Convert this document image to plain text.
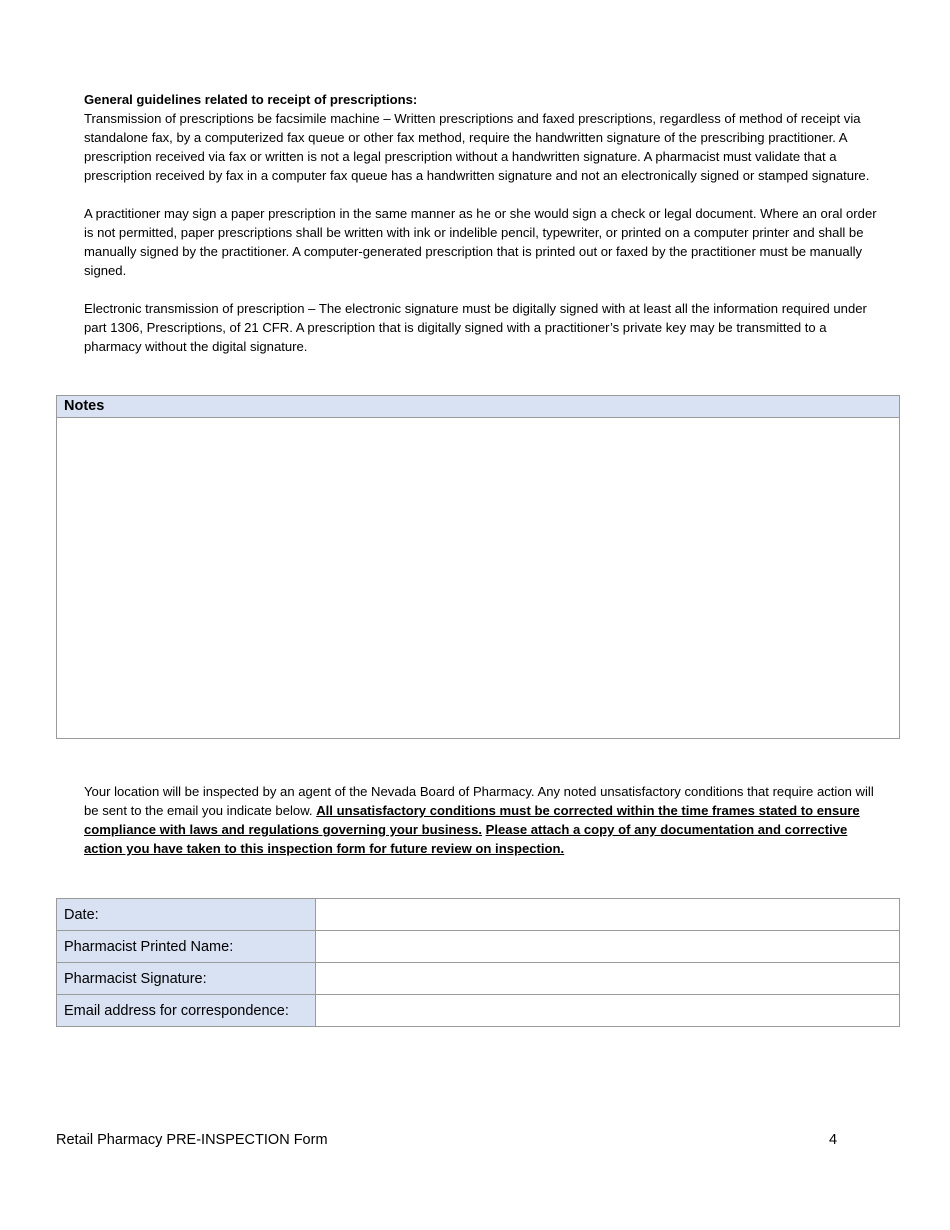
General guidelines related to receipt of prescriptions:
Transmission of prescriptions be facsimile machine – Written prescriptions and faxed prescriptions, regardless of method of receipt via standalone fax, by a computerized fax queue or other fax method, require the handwritten signature of the prescribing practitioner. A prescription received via fax or written is not a legal prescription without a handwritten signature. A pharmacist must validate that a prescription received by fax in a computer fax queue has a handwritten signature and not an electronically signed or stamped signature.

A practitioner may sign a paper prescription in the same manner as he or she would sign a check or legal document. Where an oral order is not permitted, paper prescriptions shall be written with ink or indelible pencil, typewriter, or printed on a computer printer and shall be manually signed by the practitioner. A computer-generated prescription that is printed out or faxed by the practitioner must be manually signed.

Electronic transmission of prescription – The electronic signature must be digitally signed with at least all the information required under part 1306, Prescriptions, of 21 CFR. A prescription that is digitally signed with a practitioner’s private key may be transmitted to a pharmacy without the digital signature.

Notes
Your location will be inspected by an agent of the Nevada Board of Pharmacy. Any noted unsatisfactory conditions that require action will be sent to the email you indicate below. All unsatisfactory conditions must be corrected within the time frames stated to ensure compliance with laws and regulations governing your business. Please attach a copy of any documentation and corrective action you have taken to this inspection form for future review on inspection.
Date:	
Pharmacist Printed Name:	
Pharmacist Signature:	
Email address for correspondence:	
Retail Pharmacy PRE-INSPECTION Form	4
